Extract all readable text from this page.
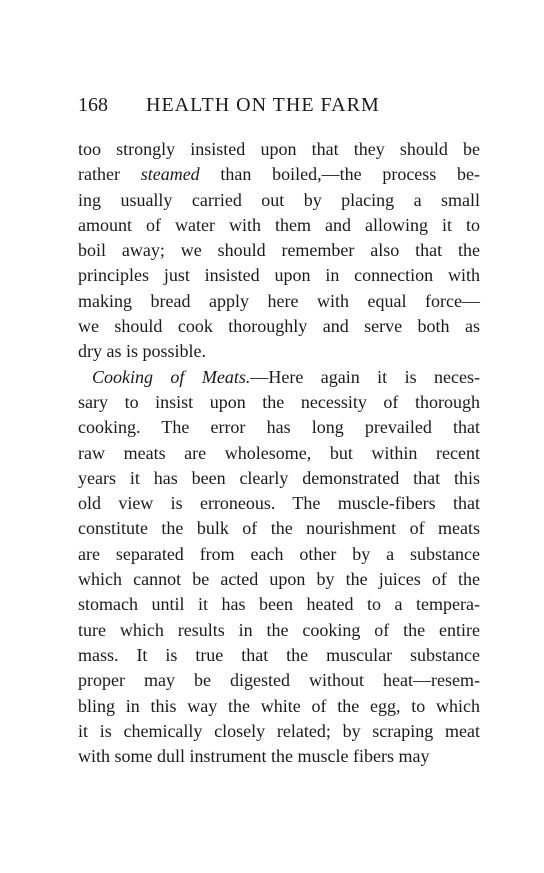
168 HEALTH ON THE FARM
too strongly insisted upon that they should be
rather steamed than boiled,—the process be-
ing usually carried out by placing a small
amount of water with them and allowing it to
boil away; we should remember also that the
principles just insisted upon in connection with
making bread apply here with equal force—
we should cook thoroughly and serve both as
dry as is possible.
Cooking of Meats.—Here again it is neces-
sary to insist upon the necessity of thorough
cooking. The error has long prevailed that
raw meats are wholesome, but within recent
years it has been clearly demonstrated that this
old view is erroneous. The muscle-fibers that
constitute the bulk of the nourishment of meats
are separated from each other by a substance
which cannot be acted upon by the juices of the
stomach until it has been heated to a tempera-
ture which results in the cooking of the entire
mass. It is true that the muscular substance
proper may be digested without heat—resem-
bling in this way the white of the egg, to which
it is chemically closely related; by scraping meat
with some dull instrument the muscle fibers may
